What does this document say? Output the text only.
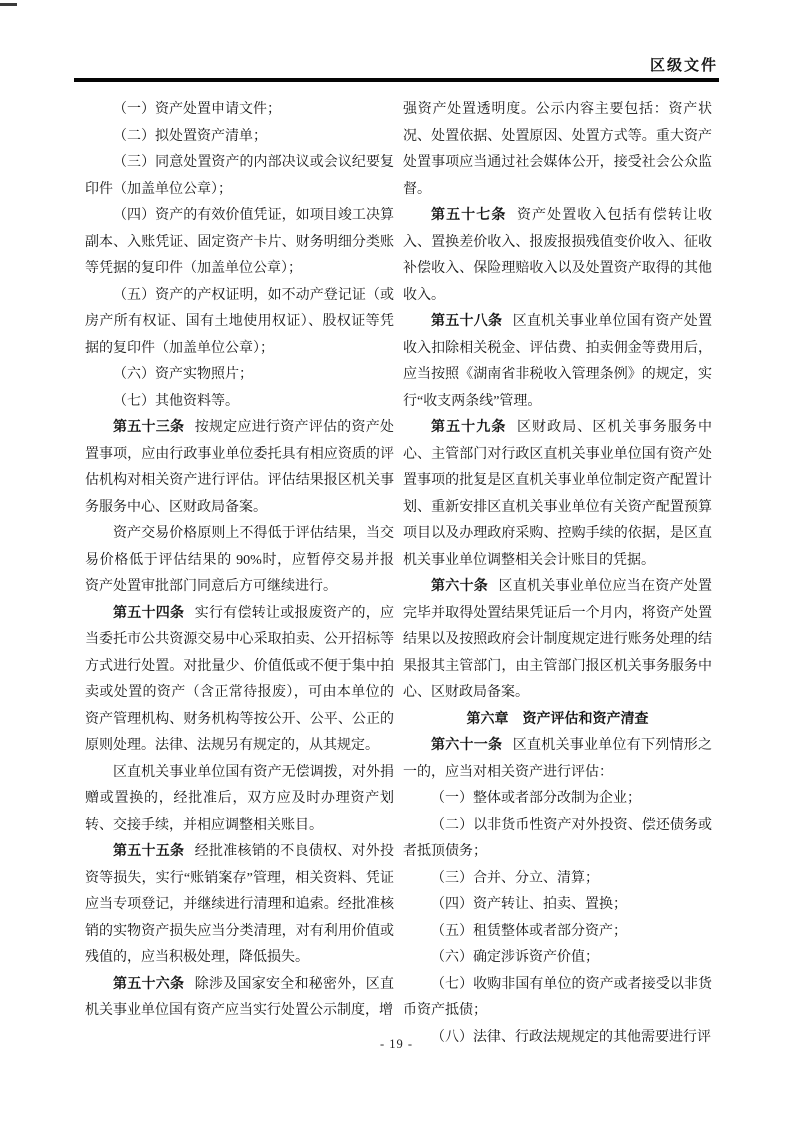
区级文件

（一）资产处置申请文件；

（二）拟处置资产清单；

（三）同意处置资产的内部决议或会议纪要复印件（加盖单位公章）；

（四）资产的有效价值凭证，如项目竣工决算副本、入账凭证、固定资产卡片、财务明细分类账等凭据的复印件（加盖单位公章）；

（五）资产的产权证明，如不动产登记证（或房产所有权证、国有土地使用权证）、股权证等凭据的复印件（加盖单位公章）；

（六）资产实物照片；

（七）其他资料等。

第五十三条 按规定应进行资产评估的资产处置事项，应由行政事业单位委托具有相应资质的评估机构对相关资产进行评估。评估结果报区机关事务服务中心、区财政局备案。

资产交易价格原则上不得低于评估结果，当交易价格低于评估结果的 90%时，应暂停交易并报资产处置审批部门同意后方可继续进行。

第五十四条 实行有偿转让或报废资产的，应当委托市公共资源交易中心采取拍卖、公开招标等方式进行处置。对批量少、价值低或不便于集中拍卖或处置的资产（含正常待报废），可由本单位的资产管理机构、财务机构等按公开、公平、公正的原则处理。法律、法规另有规定的，从其规定。

区直机关事业单位国有资产无偿调拨，对外捐赠或置换的，经批准后，双方应及时办理资产划转、交接手续，并相应调整相关账目。

第五十五条 经批准核销的不良债权、对外投资等损失，实行“账销案存”管理，相关资料、凭证应当专项登记，并继续进行清理和追索。经批准核销的实物资产损失应当分类清理，对有利用价值或残值的，应当积极处理，降低损失。

第五十六条 除涉及国家安全和秘密外，区直机关事业单位国有资产应当实行处置公示制度，增

强资产处置透明度。公示内容主要包括：资产状况、处置依据、处置原因、处置方式等。重大资产处置事项应当通过社会媒体公开，接受社会公众监督。

第五十七条 资产处置收入包括有偿转让收入、置换差价收入、报废报损残值变价收入、征收补偿收入、保险理赔收入以及处置资产取得的其他收入。

第五十八条 区直机关事业单位国有资产处置收入扣除相关税金、评估费、拍卖佣金等费用后，应当按照《湖南省非税收入管理条例》的规定，实行“收支两条线”管理。

第五十九条 区财政局、区机关事务服务中心、主管部门对行政区直机关事业单位国有资产处置事项的批复是区直机关事业单位制定资产配置计划、重新安排区直机关事业单位有关资产配置预算项目以及办理政府采购、控购手续的依据，是区直机关事业单位调整相关会计账目的凭据。

第六十条 区直机关事业单位应当在资产处置完毕并取得处置结果凭证后一个月内，将资产处置结果以及按照政府会计制度规定进行账务处理的结果报其主管部门，由主管部门报区机关事务服务中心、区财政局备案。

第六章　资产评估和资产清查

第六十一条 区直机关事业单位有下列情形之一的，应当对相关资产进行评估：

（一）整体或者部分改制为企业；

（二）以非货币性资产对外投资、偿还债务或者抵顶债务；

（三）合并、分立、清算；

（四）资产转让、拍卖、置换；

（五）租赁整体或者部分资产；

（六）确定涉诉资产价值；

（七）收购非国有单位的资产或者接受以非货币资产抵债；

（八）法律、行政法规规定的其他需要进行评

- 19 -
